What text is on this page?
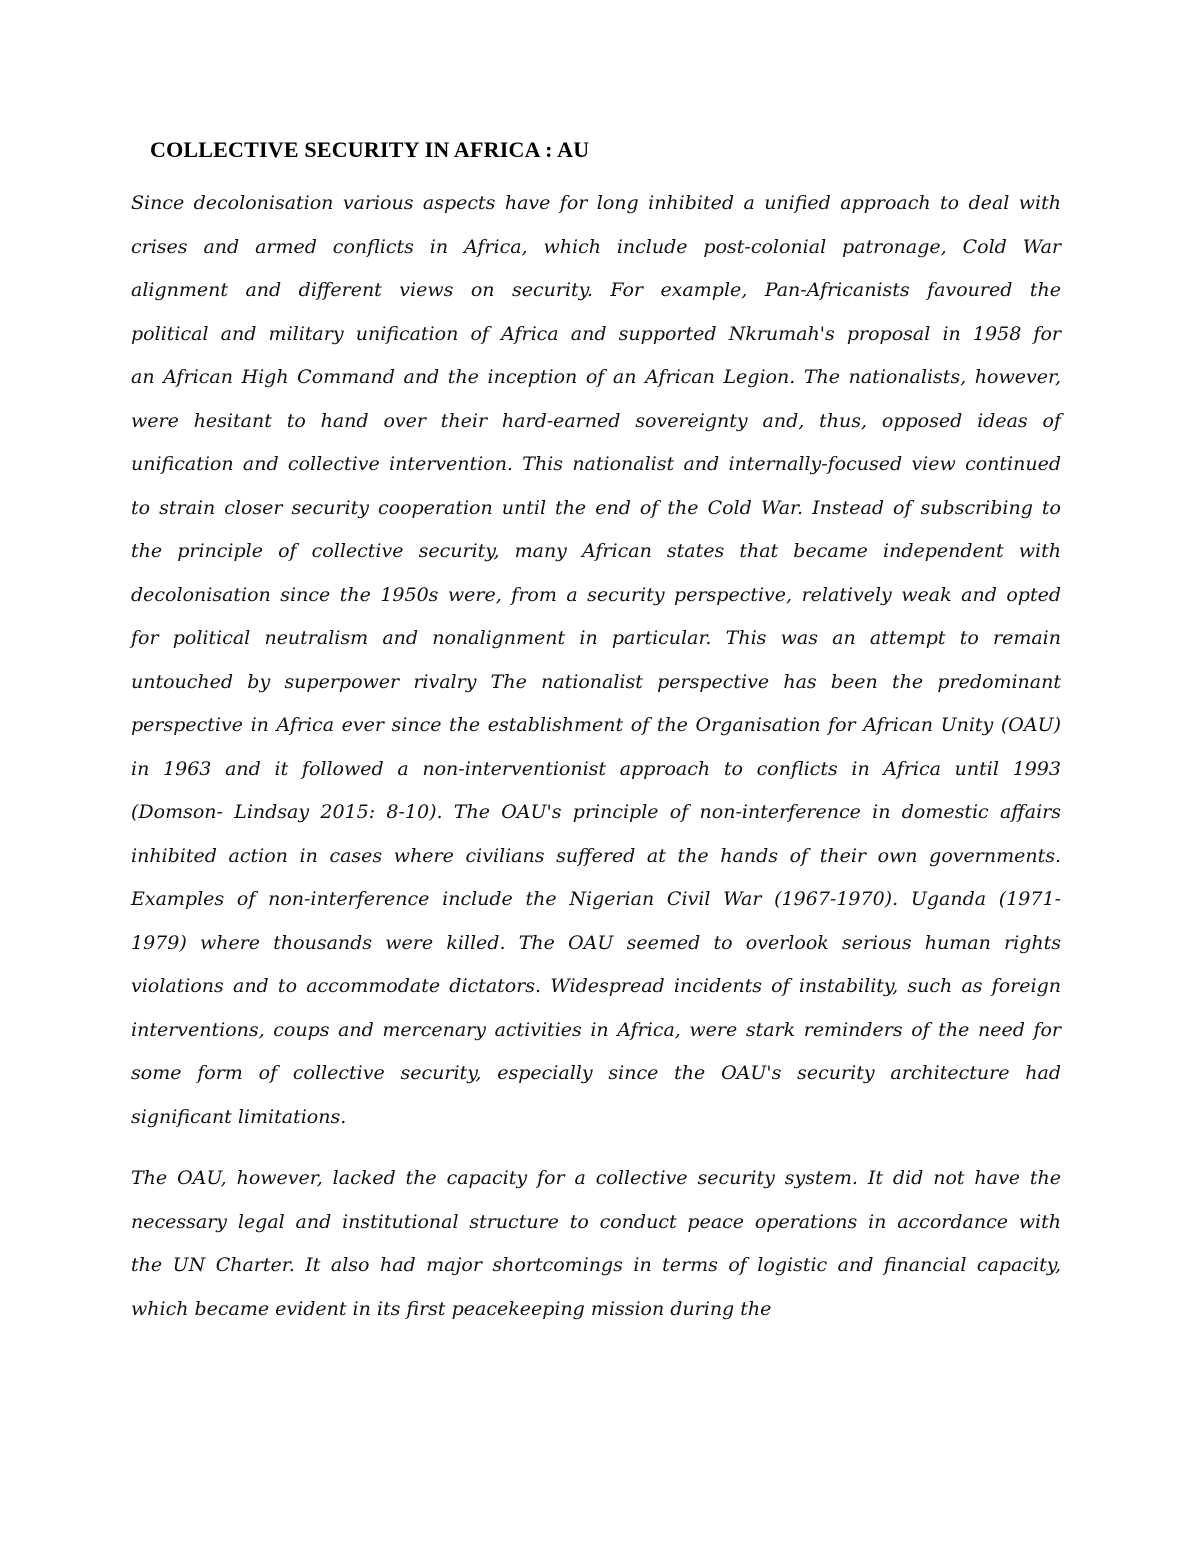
COLLECTIVE SECURITY IN AFRICA : AU
Since decolonisation various aspects have for long inhibited a unified approach to deal with
crises and armed conflicts in Africa, which include post-colonial patronage, Cold War
alignment and different views on security. For example, Pan-Africanists favoured the
political and military unification of Africa and supported Nkrumah's proposal in 1958 for
an African High Command and the inception of an African Legion. The nationalists, however,
were hesitant to hand over their hard-earned sovereignty and, thus, opposed ideas of
unification and collective intervention. This nationalist and internally-focused view continued
to strain closer security cooperation until the end of the Cold War. Instead of subscribing to
the principle of collective security, many African states that became independent with
decolonisation since the 1950s were, from a security perspective, relatively weak and opted
for political neutralism and nonalignment in particular. This was an attempt to remain
untouched by superpower rivalry The nationalist perspective has been the predominant
perspective in Africa ever since the establishment of the Organisation for African Unity (OAU)
in 1963 and it followed a non-interventionist approach to conflicts in Africa until 1993
(Domson- Lindsay 2015: 8-10). The OAU's principle of non-interference in domestic affairs
inhibited action in cases where civilians suffered at the hands of their own governments.
Examples of non-interference include the Nigerian Civil War (1967-1970). Uganda (1971-
1979) where thousands were killed. The OAU seemed to overlook serious human rights
violations and to accommodate dictators. Widespread incidents of instability, such as foreign
interventions, coups and mercenary activities in Africa, were stark reminders of the need for
some form of collective security, especially since the OAU's security architecture had
significant limitations.
The OAU, however, lacked the capacity for a collective security system. It did not have the
necessary legal and institutional structure to conduct peace operations in accordance with
the UN Charter. It also had major shortcomings in terms of logistic and financial capacity,
which became evident in its first peacekeeping mission during the
